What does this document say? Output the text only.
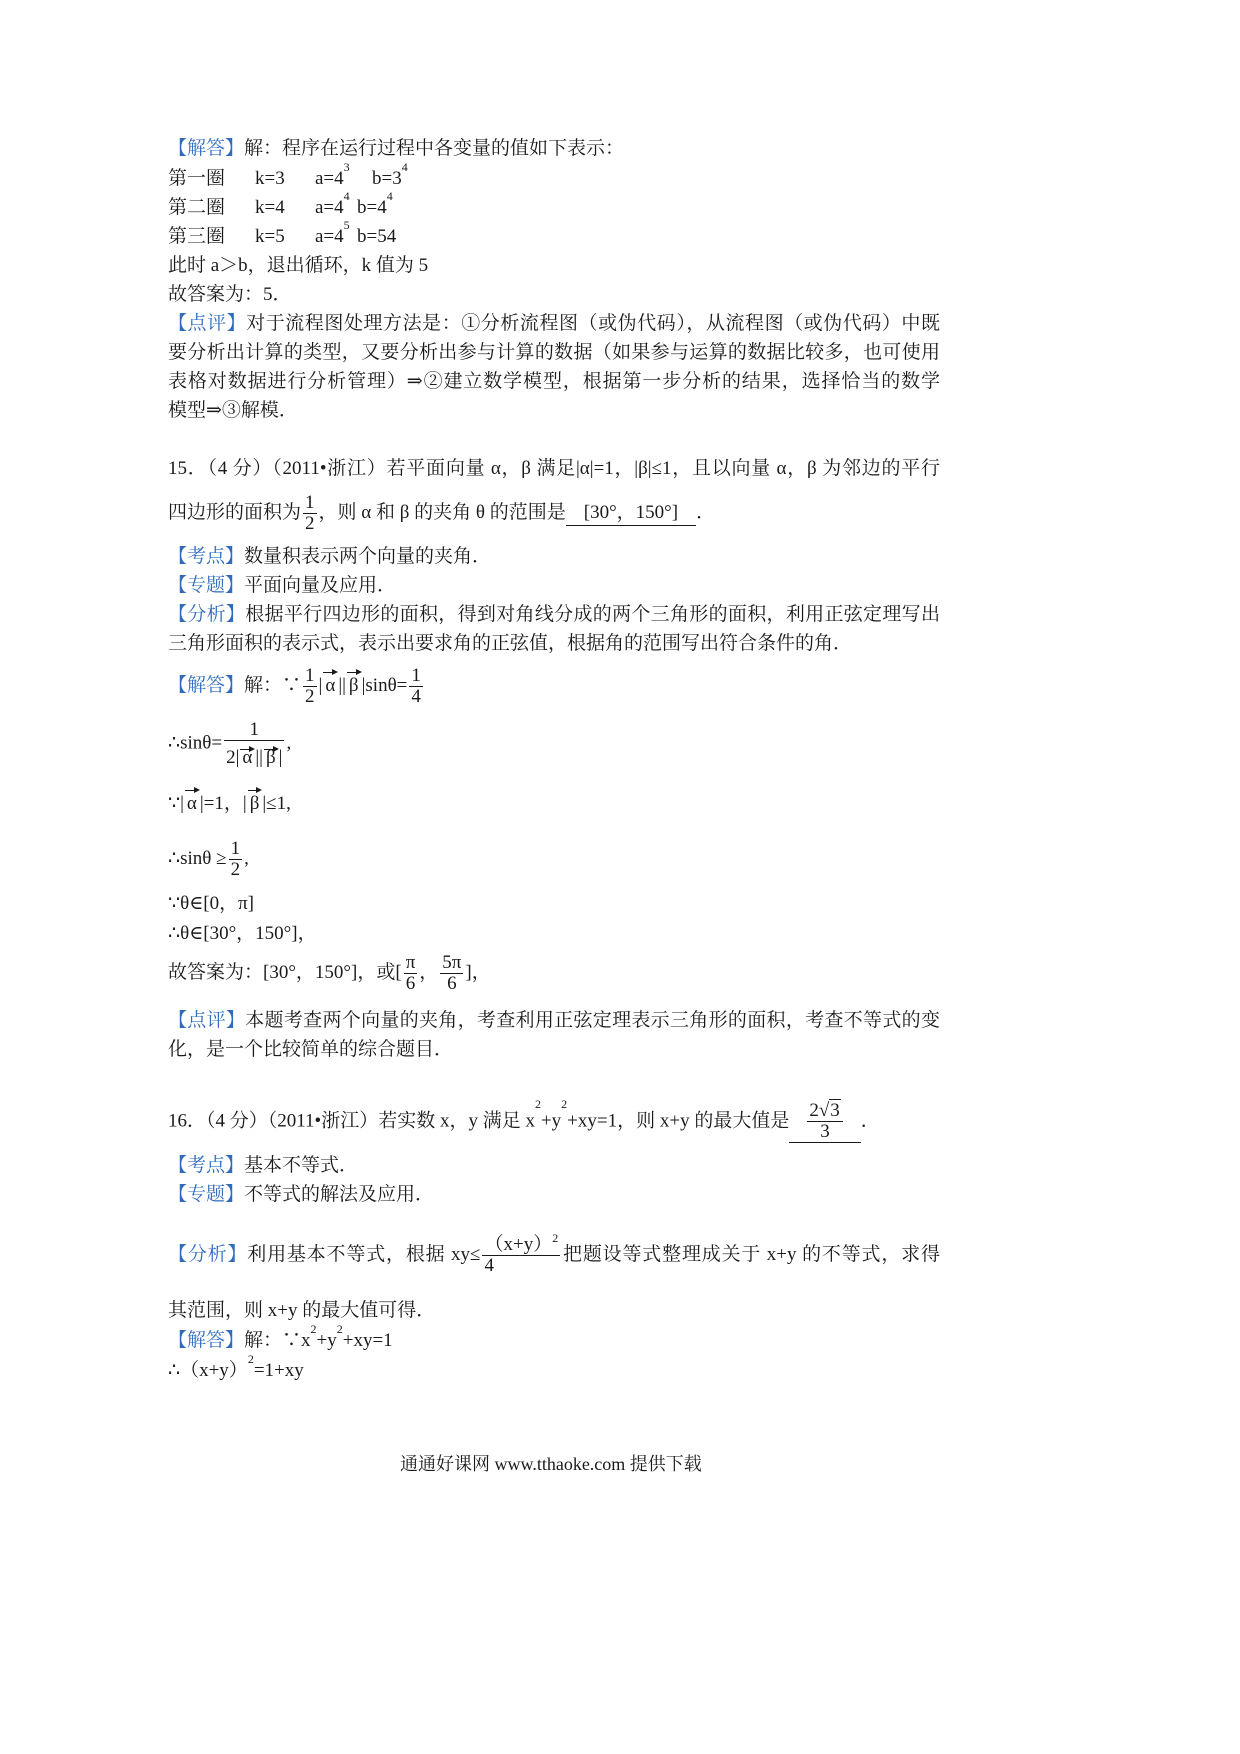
【解答】解：程序在运行过程中各变量的值如下表示：
第一圈 k=3 $a=4^3b=3^4$
第二圈 k=4 $a=4^4b=4^4$
第三圈 k=5 $a=4^5b=54$
此时 a＞b，退出循环，k 值为 5
故答案为：5．
【点评】对于流程图处理方法是：①分析流程图（或伪代码），从流程图（或伪代码）中既
要分析出计算的类型，又要分析出参与计算的数据（如果参与运算的数据比较多，也可使用
表格对数据进行分析管理）⇒②建立数学模型，根据第一步分析的结果，选择恰当的数学
模型⇒③解模．
15．（4 分）（2011•浙江）若平面向量 α，β 满足|α|=1，|β|≤1，且以向量 α，β 为邻边的平行
四边形的面积为 $\frac{1}{2}$ ，则 α 和 β 的夹角 θ 的范围是 [30°，150°] ．
【考点】数量积表示两个向量的夹角．
【专题】平面向量及应用．
【分析】根据平行四边形的面积，得到对角线分成的两个三角形的面积，利用正弦定理写出
三角形面积的表示式，表示出要求角的正弦值，根据角的范围写出符合条件的角．
【解答】解：∵ $\frac{1}{2}$ | α || β $|\sin\theta= \frac{1}{4}$
∴sinθ= $\frac{1}{2| \alpha || \beta |}$ ,
∵| α |=1，| β |≤1,
∴sinθ ≥ $\frac{1}{2}$ ,
∵θ∈[0，π]
∴θ∈[30°，150°]，
故答案为：[30°，150°]，或[ $\frac{\pi}{6}$ ， $\frac{5\pi}{6}$ ]，
【点评】本题考查两个向量的夹角，考查利用正弦定理表示三角形的面积，考查不等式的变
化，是一个比较简单的综合题目．
16．（4 分）（2011•浙江）若实数 x，y 满足 $x^2+y^2+xy=1$，则 x+y 的最大值是 $\frac{2√3}{3}$ ．
【考点】基本不等式．
【专题】不等式的解法及应用．
【分析】利用基本不等式，根据 $xy\le \frac{(x+y)^2}{4}$ 把题设等式整理成关于 x+y 的不等式，求得
其范围，则 x+y 的最大值可得．
【解答】解：$\because x^2+y^2+xy=1$
$\therefore(x+y)^2=1+xy$
通通好课网 www.tthaoke.com 提供下载
